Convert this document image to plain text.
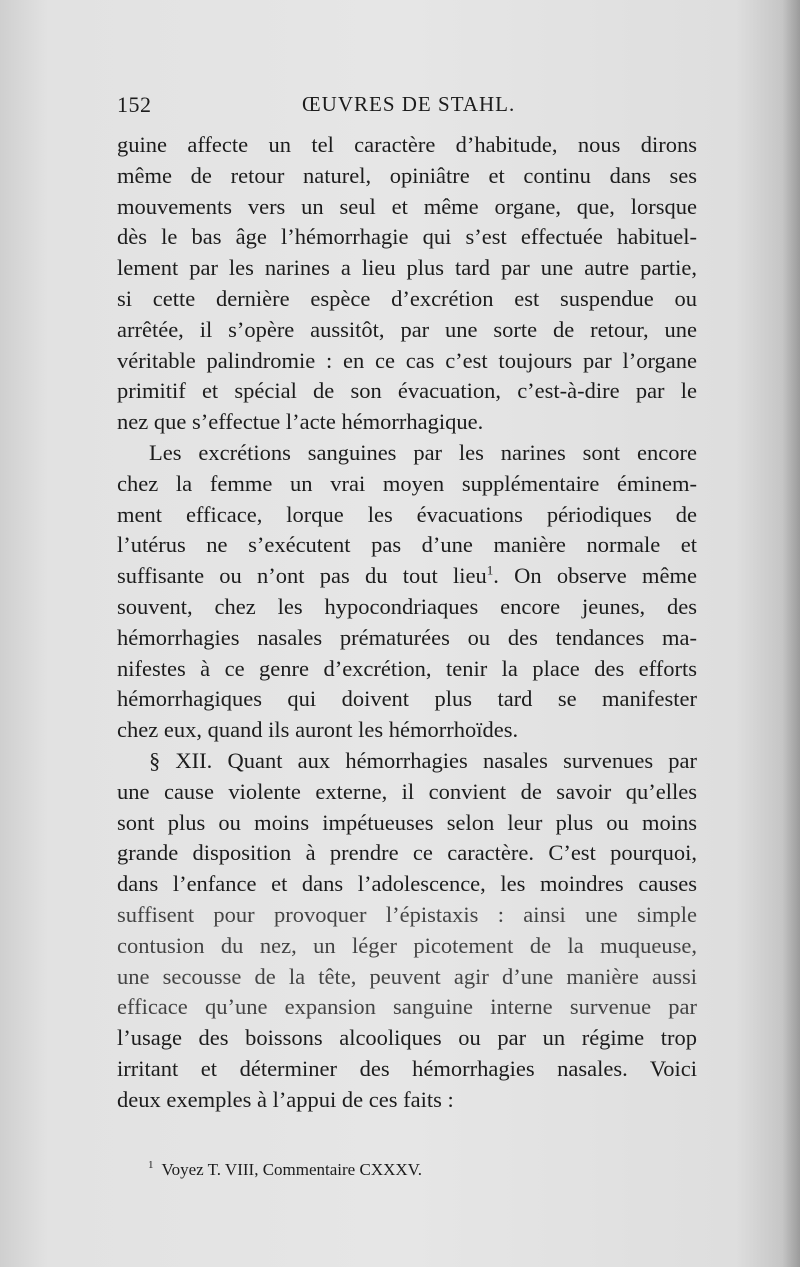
152	ŒUVRES DE STAHL.
guine affecte un tel caractère d’habitude, nous dirons
même de retour naturel, opiniâtre et continu dans ses
mouvements vers un seul et même organe, que, lorsque
dès le bas âge l’hémorrhagie qui s’est effectuée habituel-
lement par les narines a lieu plus tard par une autre partie,
si cette dernière espèce d’excrétion est suspendue ou
arrêtée, il s’opère aussitôt, par une sorte de retour, une
véritable palindromie : en ce cas c’est toujours par l’organe
primitif et spécial de son évacuation, c’est-à-dire par le
nez que s’effectue l’acte hémorrhagique.
Les excrétions sanguines par les narines sont encore
chez la femme un vrai moyen supplémentaire éminem-
ment efficace, lorque les évacuations périodiques de
l’utérus ne s’exécutent pas d’une manière normale et
suffisante ou n’ont pas du tout lieu$^1$. On observe même
souvent, chez les hypocondriaques encore jeunes, des
hémorrhagies nasales prématurées ou des tendances ma-
nifestes à ce genre d’excrétion, tenir la place des efforts
hémorrhagiques qui doivent plus tard se manifester
chez eux, quand ils auront les hémorrhoïdes.
§ XII. Quant aux hémorrhagies nasales survenues par
une cause violente externe, il convient de savoir qu’elles
sont plus ou moins impétueuses selon leur plus ou moins
grande disposition à prendre ce caractère. C’est pourquoi,
dans l’enfance et dans l’adolescence, les moindres causes
suffisent pour provoquer l’épistaxis : ainsi une simple
contusion du nez, un léger picotement de la muqueuse,
une secousse de la tête, peuvent agir d’une manière aussi
efficace qu’une expansion sanguine interne survenue par
l’usage des boissons alcooliques ou par un régime trop
irritant et déterminer des hémorrhagies nasales. Voici
deux exemples à l’appui de ces faits :
$^1$ Voyez T. VIII, Commentaire CXXXV.
